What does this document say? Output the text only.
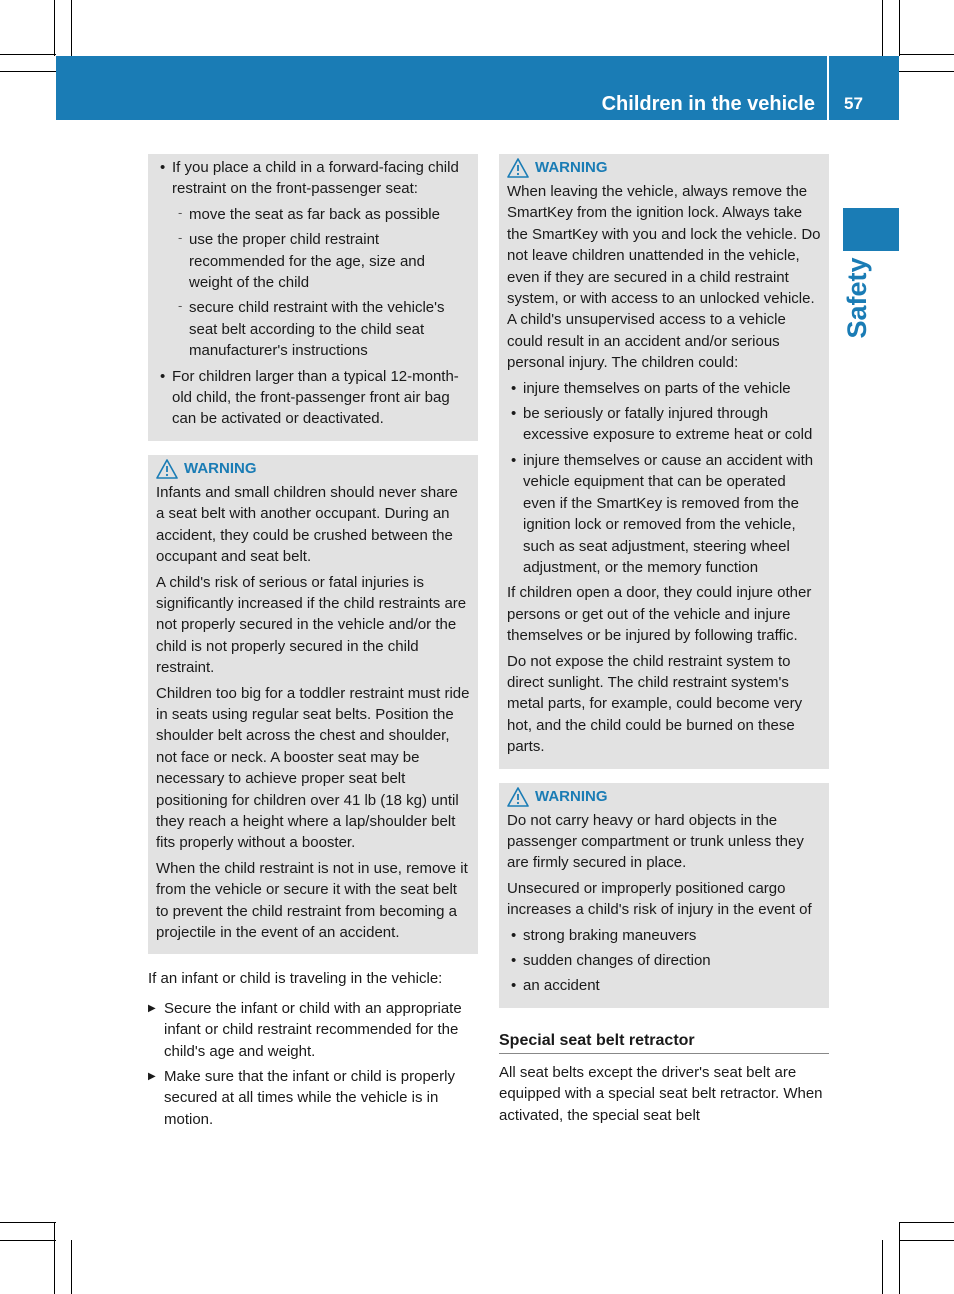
Children in the vehicle 57
Safety
• If you place a child in a forward-facing child restraint on the front-passenger seat:
- move the seat as far back as possible
- use the proper child restraint recommended for the age, size and weight of the child
- secure child restraint with the vehicle's seat belt according to the child seat manufacturer's instructions
• For children larger than a typical 12-month-old child, the front-passenger front air bag can be activated or deactivated.
WARNING

Infants and small children should never share a seat belt with another occupant. During an accident, they could be crushed between the occupant and seat belt.

A child's risk of serious or fatal injuries is significantly increased if the child restraints are not properly secured in the vehicle and/or the child is not properly secured in the child restraint.

Children too big for a toddler restraint must ride in seats using regular seat belts. Position the shoulder belt across the chest and shoulder, not face or neck. A booster seat may be necessary to achieve proper seat belt positioning for children over 41 lb (18 kg) until they reach a height where a lap/shoulder belt fits properly without a booster.

When the child restraint is not in use, remove it from the vehicle or secure it with the seat belt to prevent the child restraint from becoming a projectile in the event of an accident.

If an infant or child is traveling in the vehicle:

▶ Secure the infant or child with an appropriate infant or child restraint recommended for the child's age and weight.
▶ Make sure that the infant or child is properly secured at all times while the vehicle is in motion.
WARNING

When leaving the vehicle, always remove the SmartKey from the ignition lock. Always take the SmartKey with you and lock the vehicle. Do not leave children unattended in the vehicle, even if they are secured in a child restraint system, or with access to an unlocked vehicle. A child's unsupervised access to a vehicle could result in an accident and/or serious personal injury. The children could:

• injure themselves on parts of the vehicle
• be seriously or fatally injured through excessive exposure to extreme heat or cold
• injure themselves or cause an accident with vehicle equipment that can be operated even if the SmartKey is removed from the ignition lock or removed from the vehicle, such as seat adjustment, steering wheel adjustment, or the memory function

If children open a door, they could injure other persons or get out of the vehicle and injure themselves or be injured by following traffic.

Do not expose the child restraint system to direct sunlight. The child restraint system's metal parts, for example, could become very hot, and the child could be burned on these parts.

WARNING

Do not carry heavy or hard objects in the passenger compartment or trunk unless they are firmly secured in place.

Unsecured or improperly positioned cargo increases a child's risk of injury in the event of

• strong braking maneuvers
• sudden changes of direction
• an accident
Special seat belt retractor

All seat belts except the driver's seat belt are equipped with a special seat belt retractor. When activated, the special seat belt
